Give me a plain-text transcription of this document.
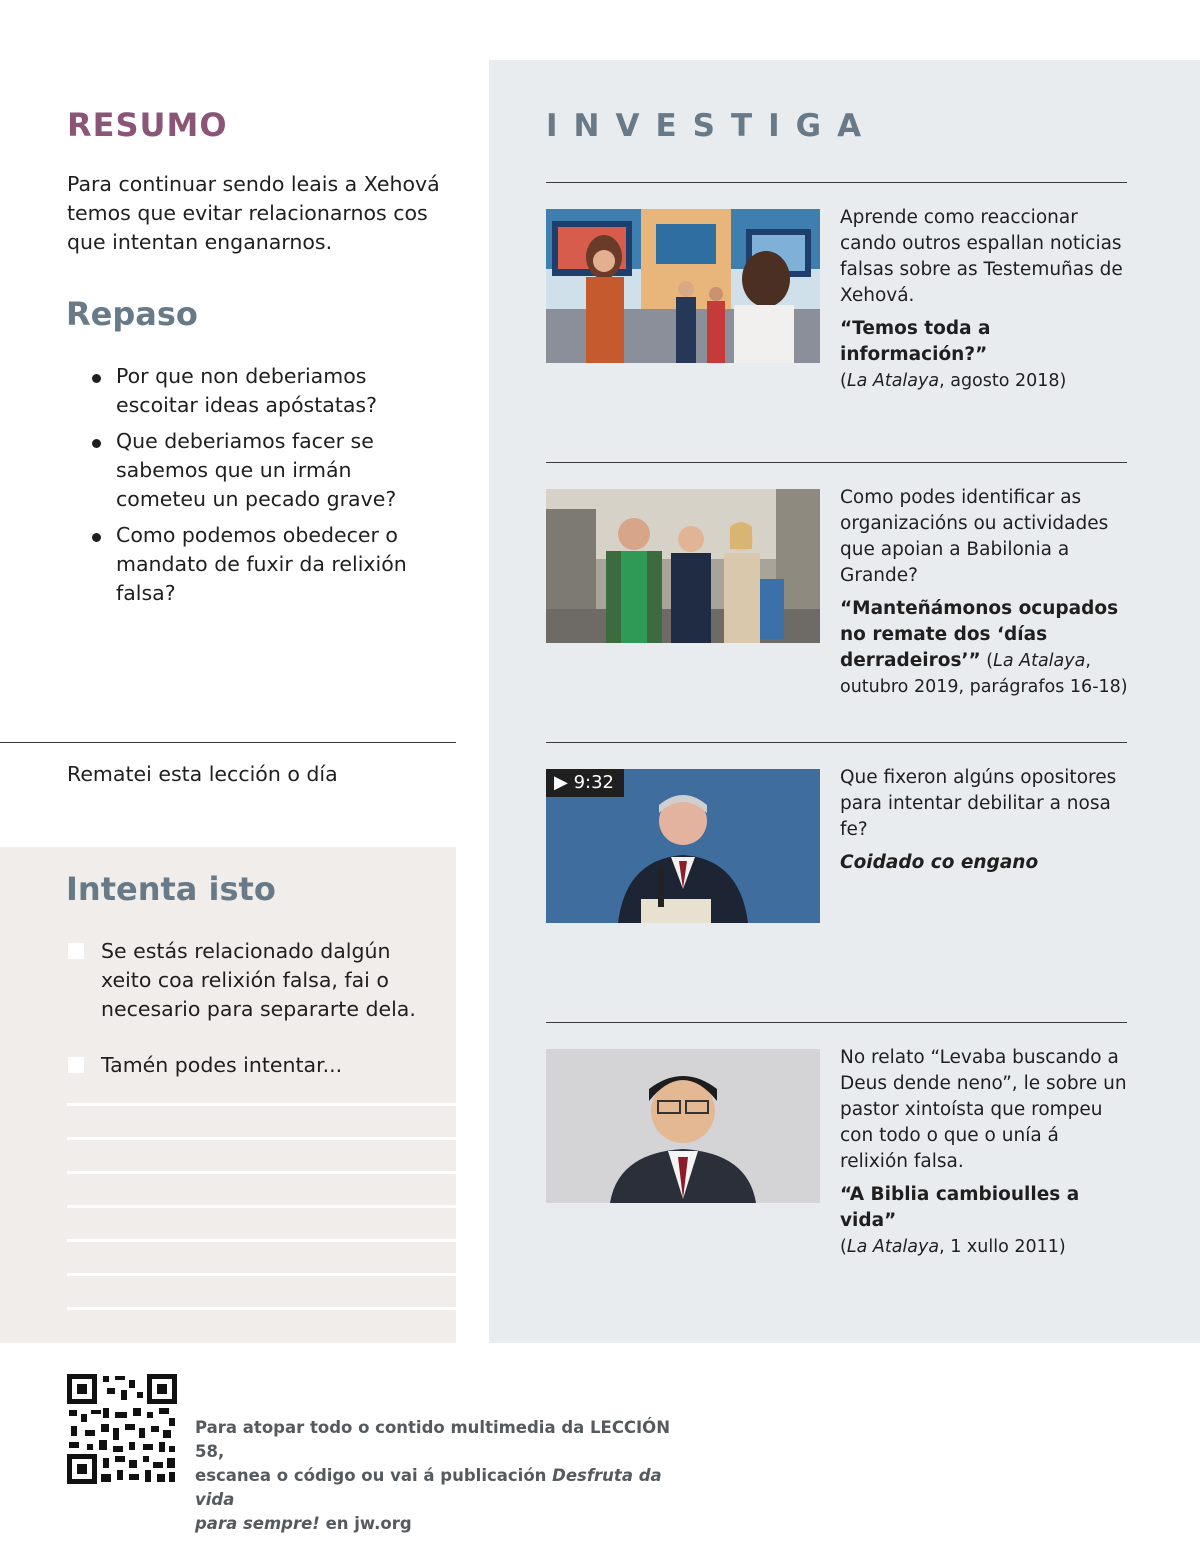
RESUMO

Para continuar sendo leais a Xehová temos que evitar relacionarnos cos que intentan enganarnos.

Repaso
Por que non deberiamos escoitar ideas apóstatas?
Que deberiamos facer se sabemos que un irmán cometeu un pecado grave?
Como podemos obedecer o mandato de fuxir da relixión falsa?
Rematei esta lección o día
Intenta isto
Se estás relacionado dalgún xeito coa relixión falsa, fai o necesario para separarte dela.
Tamén podes intentar...
INVESTIGA
Aprende como reaccionar cando outros espallan noticias falsas sobre as Testemuñas de Xehová.
“Temos toda a información?”
(La Atalaya, agosto 2018)
Como podes identificar as organizacións ou actividades que apoian a Babilonia a Grande?
“Manteñámonos ocupados no remate dos ‘días derradeiros’” (La Atalaya, outubro 2019, parágrafos 16-18)
▶ 9:32	Que fixeron algúns opositores para intentar debilitar a nosa fe?
Coidado co engano
No relato “Levaba buscando a Deus dende neno”, le sobre un pastor xintoísta que rompeu con todo o que o unía á relixión falsa.
“A Biblia cambioulles a vida”
(La Atalaya, 1 xullo 2011)
Para atopar todo o contido multimedia da LECCIÓN 58,
escanea o código ou vai á publicación Desfruta da vida
para sempre! en jw.org
